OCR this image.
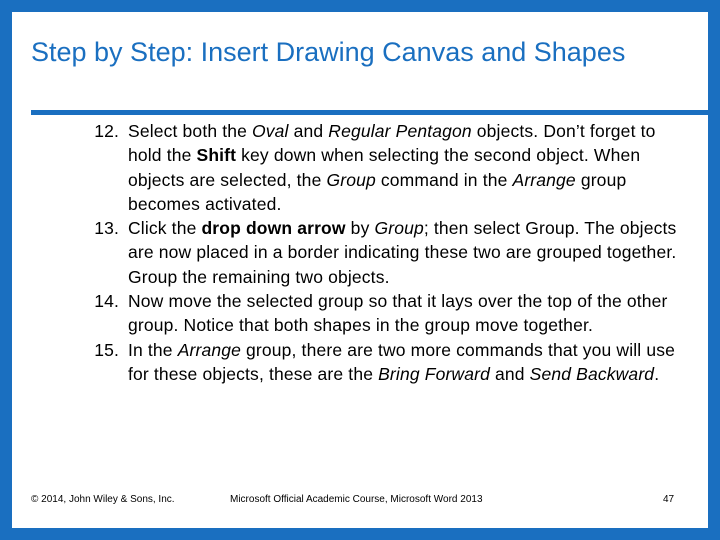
Step by Step: Insert Drawing Canvas and Shapes
12. Select both the Oval and Regular Pentagon objects. Don’t forget to hold the Shift key down when selecting the second object. When objects are selected, the Group command in the Arrange group becomes activated.
13. Click the drop down arrow by Group; then select Group. The objects are now placed in a border indicating these two are grouped together. Group the remaining two objects.
14. Now move the selected group so that it lays over the top of the other group. Notice that both shapes in the group move together.
15. In the Arrange group, there are two more commands that you will use for these objects, these are the Bring Forward and Send Backward.
© 2014, John Wiley & Sons, Inc.	Microsoft Official Academic Course, Microsoft Word 2013	47
